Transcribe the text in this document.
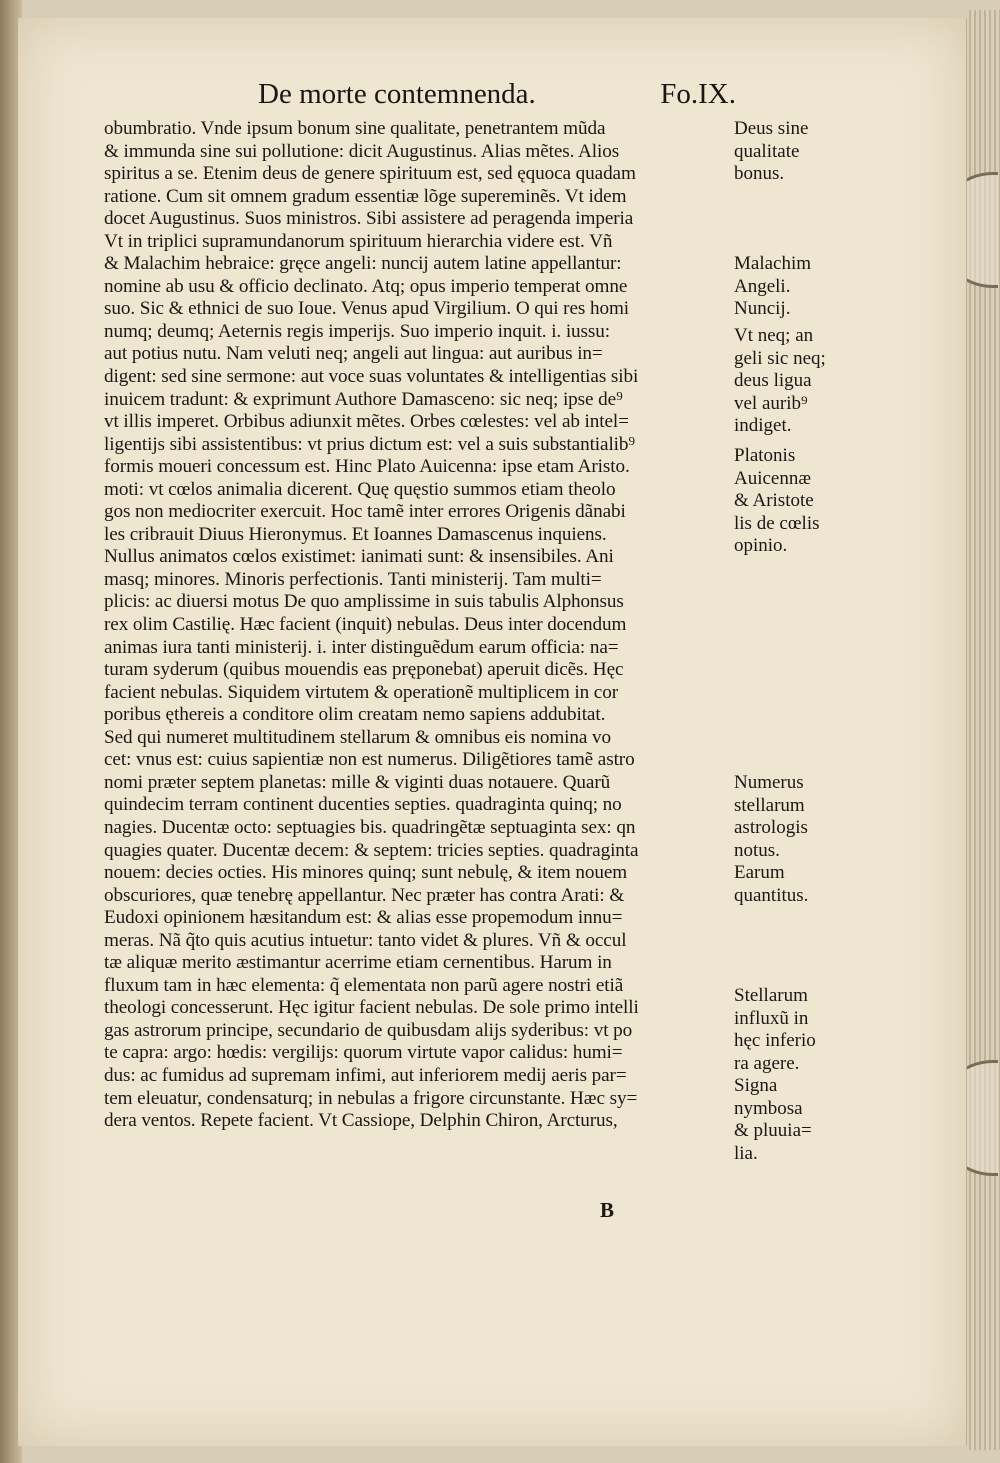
De morte contemnenda.	Fo.IX.
obumbratio. Vnde ipsum bonum sine qualitate, penetrantem mũda
& immunda sine sui pollutione: dicit Augustinus. Alias mẽtes. Alios
spiritus a se. Etenim deus de genere spirituum est, sed ęquoca quadam
ratione. Cum sit omnem gradum essentiæ lõge supereminẽs. Vt idem
docet Augustinus. Suos ministros. Sibi assistere ad peragenda imperia
Vt in triplici supramundanorum spirituum hierarchia videre est. Vñ
& Malachim hebraice: gręce angeli: nuncij autem latine appellantur:
nomine ab usu & officio declinato. Atq; opus imperio temperat omne
suo. Sic & ethnici de suo Ioue. Venus apud Virgilium. O qui res homi
numq; deumq; Aeternis regis imperijs. Suo imperio inquit. i. iussu:
aut potius nutu. Nam veluti neq; angeli aut lingua: aut auribus in=
digent: sed sine sermone: aut voce suas voluntates & intelligentias sibi
inuicem tradunt: & exprimunt Authore Damasceno: sic neq; ipse de⁹
vt illis imperet. Orbibus adiunxit mẽtes. Orbes cœlestes: vel ab intel=
ligentijs sibi assistentibus: vt prius dictum est: vel a suis substantialib⁹
formis moueri concessum est. Hinc Plato Auicenna: ipse etam Aristo.
moti: vt cœlos animalia dicerent. Quę quęstio summos etiam theolo
gos non mediocriter exercuit. Hoc tamẽ inter errores Origenis dãnabi
les cribrauit Diuus Hieronymus. Et Ioannes Damascenus inquiens.
Nullus animatos cœlos existimet: ianimati sunt: & insensibiles. Ani
masq; minores. Minoris perfectionis. Tanti ministerij. Tam multi=
plicis: ac diuersi motus De quo amplissime in suis tabulis Alphonsus
rex olim Castilię. Hæc facient (inquit) nebulas. Deus inter docendum
animas iura tanti ministerij. i. inter distinguẽdum earum officia: na=
turam syderum (quibus mouendis eas pręponebat) aperuit dicẽs. Hęc
facient nebulas. Siquidem virtutem & operationẽ multiplicem in cor
poribus ęthereis a conditore olim creatam nemo sapiens addubitat.
Sed qui numeret multitudinem stellarum & omnibus eis nomina vo
cet: vnus est: cuius sapientiæ non est numerus. Diligẽtiores tamẽ astro
nomi præter septem planetas: mille & viginti duas notauere. Quarũ
quindecim terram continent ducenties septies. quadraginta quinq; no
nagies. Ducentæ octo: septuagies bis. quadringẽtæ septuaginta sex: qn
quagies quater. Ducentæ decem: & septem: tricies septies. quadraginta
nouem: decies octies. His minores quinq; sunt nebulę, & item nouem
obscuriores, quæ tenebrę appellantur. Nec præter has contra Arati: &
Eudoxi opinionem hæsitandum est: & alias esse propemodum innu=
meras. Nã q̃to quis acutius intuetur: tanto videt & plures. Vñ & occul
tæ aliquæ merito æstimantur acerrime etiam cernentibus. Harum in
fluxum tam in hæc elementa: q̃ elementata non parũ agere nostri etiã
theologi concesserunt. Hęc igitur facient nebulas. De sole primo intelli
gas astrorum principe, secundario de quibusdam alijs syderibus: vt po
te capra: argo: hœdis: vergilijs: quorum virtute vapor calidus: humi=
dus: ac fumidus ad supremam infimi, aut inferiorem medij aeris par=
tem eleuatur, condensaturq; in nebulas a frigore circunstante. Hæc sy=
dera ventos. Repete facient. Vt Cassiope, Delphin Chiron, Arcturus,
Deus sine
qualitate
bonus.
Malachim
Angeli.
Nuncij.
Vt neq; an
geli sic neq;
deus ligua
vel aurib⁹
indiget.
Platonis
Auicennæ
& Aristote
lis de cœlis
opinio.
Numerus
stellarum
astrologis
notus.
Earum
quantitus.
Stellarum
influxũ in
hęc inferio
ra agere.
Signa
nymbosa
& pluuia=
lia.
B
